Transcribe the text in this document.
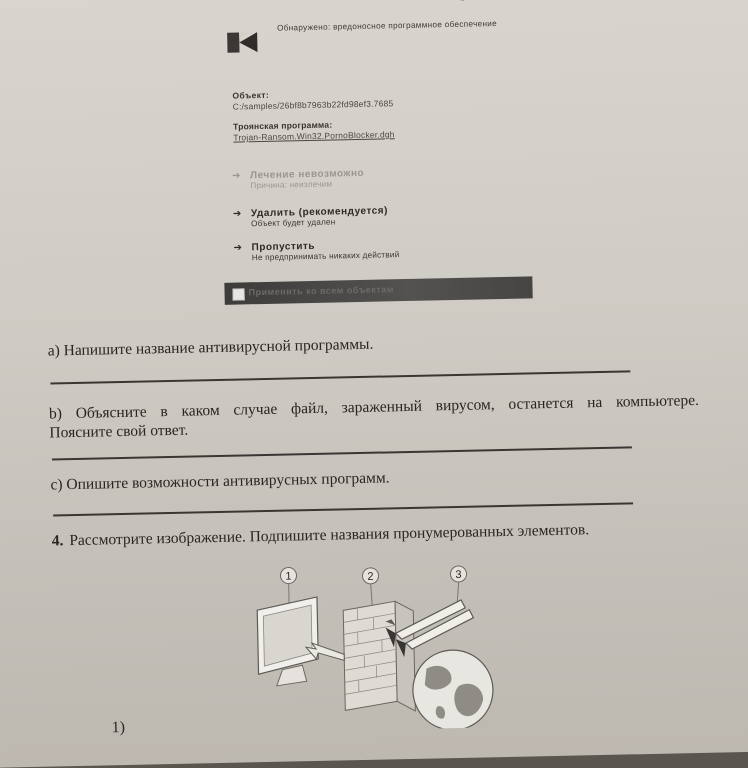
Обнаружено: вредоносное программное обеспечение
Объект:
C:/samples/26bf8b7963b22fd98ef3.7685
Троянская программа:
Trojan-Ransom.Win32.PornoBlocker.dgh
➔ Лечение невозможно
Причина: неизлечим
➔ Удалить (рекомендуется)
Объект будет удален
➔ Пропустить
Не предпринимать никаких действий
Применить ко всем объектам
a) Напишите название антивирусной программы.
b) Объясните в каком случае файл, зараженный вирусом, останется на компьютере.
Поясните свой ответ.
c) Опишите возможности антивирусных программ.
4. Рассмотрите изображение. Подпишите названия пронумерованных элементов.
1	2	3
1)
